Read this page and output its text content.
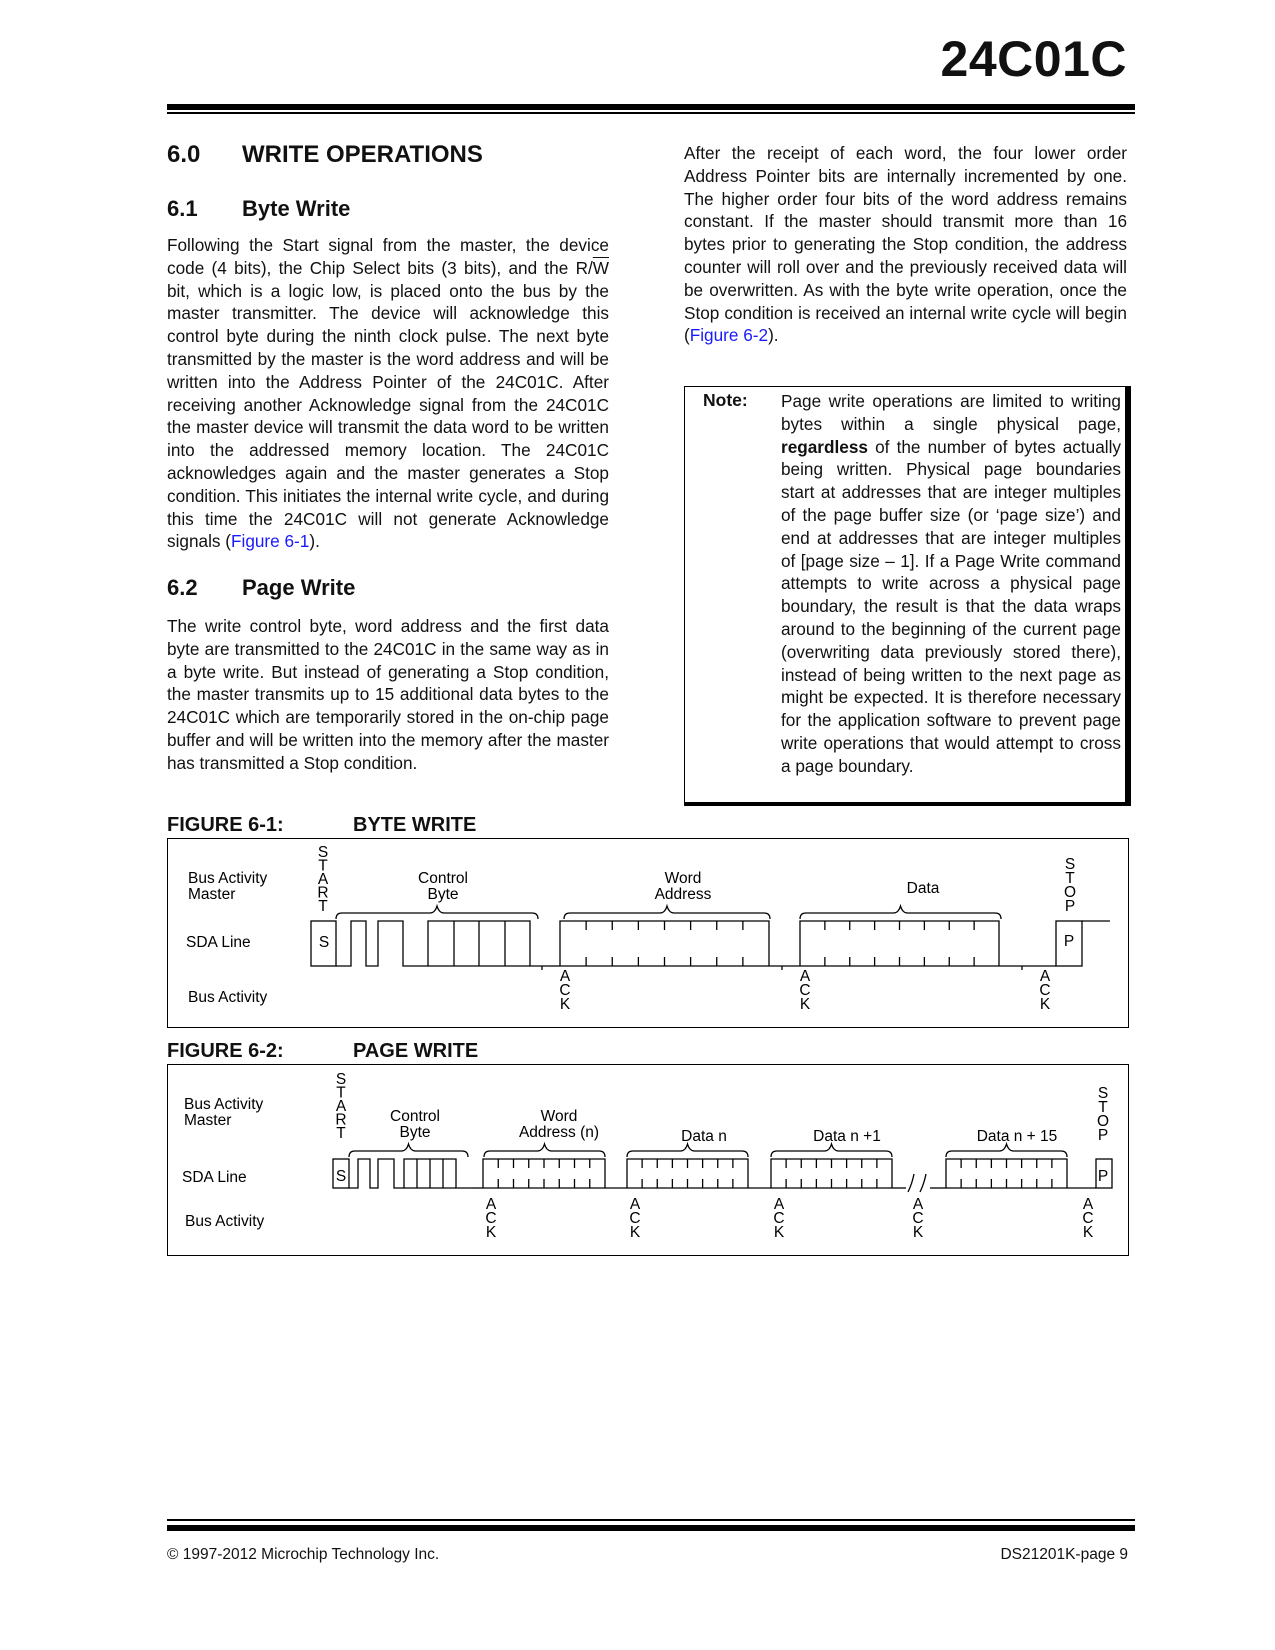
24C01C
6.0 WRITE OPERATIONS
6.1 Byte Write

Following the Start signal from the master, the device code (4 bits), the Chip Select bits (3 bits), and the $R/\overline{W}$ bit, which is a logic low, is placed onto the bus by the master transmitter. The device will acknowledge this control byte during the ninth clock pulse. The next byte transmitted by the master is the word address and will be written into the Address Pointer of the 24C01C. After receiving another Acknowledge signal from the 24C01C the master device will transmit the data word to be written into the addressed memory location. The 24C01C acknowledges again and the master generates a Stop condition. This initiates the internal write cycle, and during this time the 24C01C will not generate Acknowledge signals (Figure 6-1).

6.2 Page Write

The write control byte, word address and the first data byte are transmitted to the 24C01C in the same way as in a byte write. But instead of generating a Stop condition, the master transmits up to 15 additional data bytes to the 24C01C which are temporarily stored in the on-chip page buffer and will be written into the memory after the master has transmitted a Stop condition.

After the receipt of each word, the four lower order Address Pointer bits are internally incremented by one. The higher order four bits of the word address remains constant. If the master should transmit more than 16 bytes prior to generating the Stop condition, the address counter will roll over and the previously received data will be overwritten. As with the byte write operation, once the Stop condition is received an internal write cycle will begin (Figure 6-2).

Note: Page write operations are limited to writing bytes within a single physical page, regardless of the number of bytes actually being written. Physical page boundaries start at addresses that are integer multiples of the page buffer size (or ‘page size’) and end at addresses that are integer multiples of [page size – 1]. If a Page Write command attempts to write across a physical page boundary, the result is that the data wraps around to the beginning of the current page (overwriting data previously stored there), instead of being written to the next page as might be expected. It is therefore necessary for the application software to prevent page write operations that would attempt to cross a page boundary.

FIGURE 6-1:	BYTE WRITE
Bus Activity Master
SDA Line
Bus Activity
S T A R T
S T O P
Control Byte
Word Address	Data
S	P
A C K
A C K
A C K
FIGURE 6-2:	PAGE WRITE
Bus Activity Master
SDA Line
Bus Activity
S T A R T
S T O P
Control Byte
Word Address (n)	Data n	Data n +1	Data n + 15
S	P
A C K
A C K
A C K
A C K
A C K
© 1997-2012 Microchip Technology Inc.	DS21201K-page 9
